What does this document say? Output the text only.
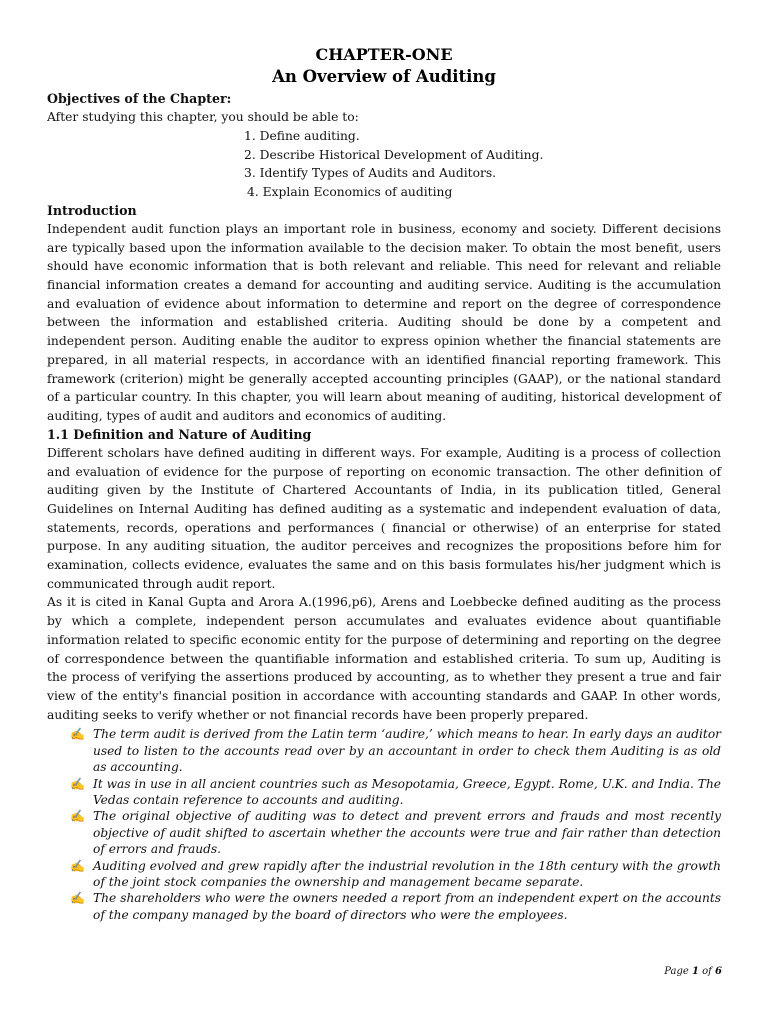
CHAPTER-ONE
An Overview of Auditing
Objectives of the Chapter:
After studying this chapter, you should be able to:
1. Define auditing.
2. Describe Historical Development of Auditing.
3. Identify Types of Audits and Auditors.
4. Explain Economics of auditing
Introduction

Independent audit function plays an important role in business, economy and society. Different decisions are typically based upon the information available to the decision maker. To obtain the most benefit, users should have economic information that is both relevant and reliable. This need for relevant and reliable financial information creates a demand for accounting and auditing service. Auditing is the accumulation and evaluation of evidence about information to determine and report on the degree of correspondence between the information and established criteria. Auditing should be done by a competent and independent person. Auditing enable the auditor to express opinion whether the financial statements are prepared, in all material respects, in accordance with an identified financial reporting framework. This framework (criterion) might be generally accepted accounting principles (GAAP), or the national standard of a particular country. In this chapter, you will learn about meaning of auditing, historical development of auditing, types of audit and auditors and economics of auditing.

1.1 Definition and Nature of Auditing

Different scholars have defined auditing in different ways. For example, Auditing is a process of collection and evaluation of evidence for the purpose of reporting on economic transaction. The other definition of auditing given by the Institute of Chartered Accountants of India, in its publication titled, General Guidelines on Internal Auditing has defined auditing as a systematic and independent evaluation of data, statements, records, operations and performances ( financial or otherwise) of an enterprise for stated purpose. In any auditing situation, the auditor perceives and recognizes the propositions before him for examination, collects evidence, evaluates the same and on this basis formulates his/her judgment which is communicated through audit report.

As it is cited in Kanal Gupta and Arora A.(1996,p6), Arens and Loebbecke defined auditing as the process by which a complete, independent person accumulates and evaluates evidence about quantifiable information related to specific economic entity for the purpose of determining and reporting on the degree of correspondence between the quantifiable information and established criteria. To sum up, Auditing is the process of verifying the assertions produced by accounting, as to whether they present a true and fair view of the entity's financial position in accordance with accounting standards and GAAP. In other words, auditing seeks to verify whether or not financial records have been properly prepared.

✍ The term audit is derived from the Latin term ‘audire,’ which means to hear. In early days an auditor used to listen to the accounts read over by an accountant in order to check them Auditing is as old as accounting.
✍ It was in use in all ancient countries such as Mesopotamia, Greece, Egypt. Rome, U.K. and India. The Vedas contain reference to accounts and auditing.
✍ The original objective of auditing was to detect and prevent errors and frauds and most recently objective of audit shifted to ascertain whether the accounts were true and fair rather than detection of errors and frauds.
✍ Auditing evolved and grew rapidly after the industrial revolution in the 18th century with the growth of the joint stock companies the ownership and management became separate.
✍ The shareholders who were the owners needed a report from an independent expert on the accounts of the company managed by the board of directors who were the employees.
Page 1 of 6
